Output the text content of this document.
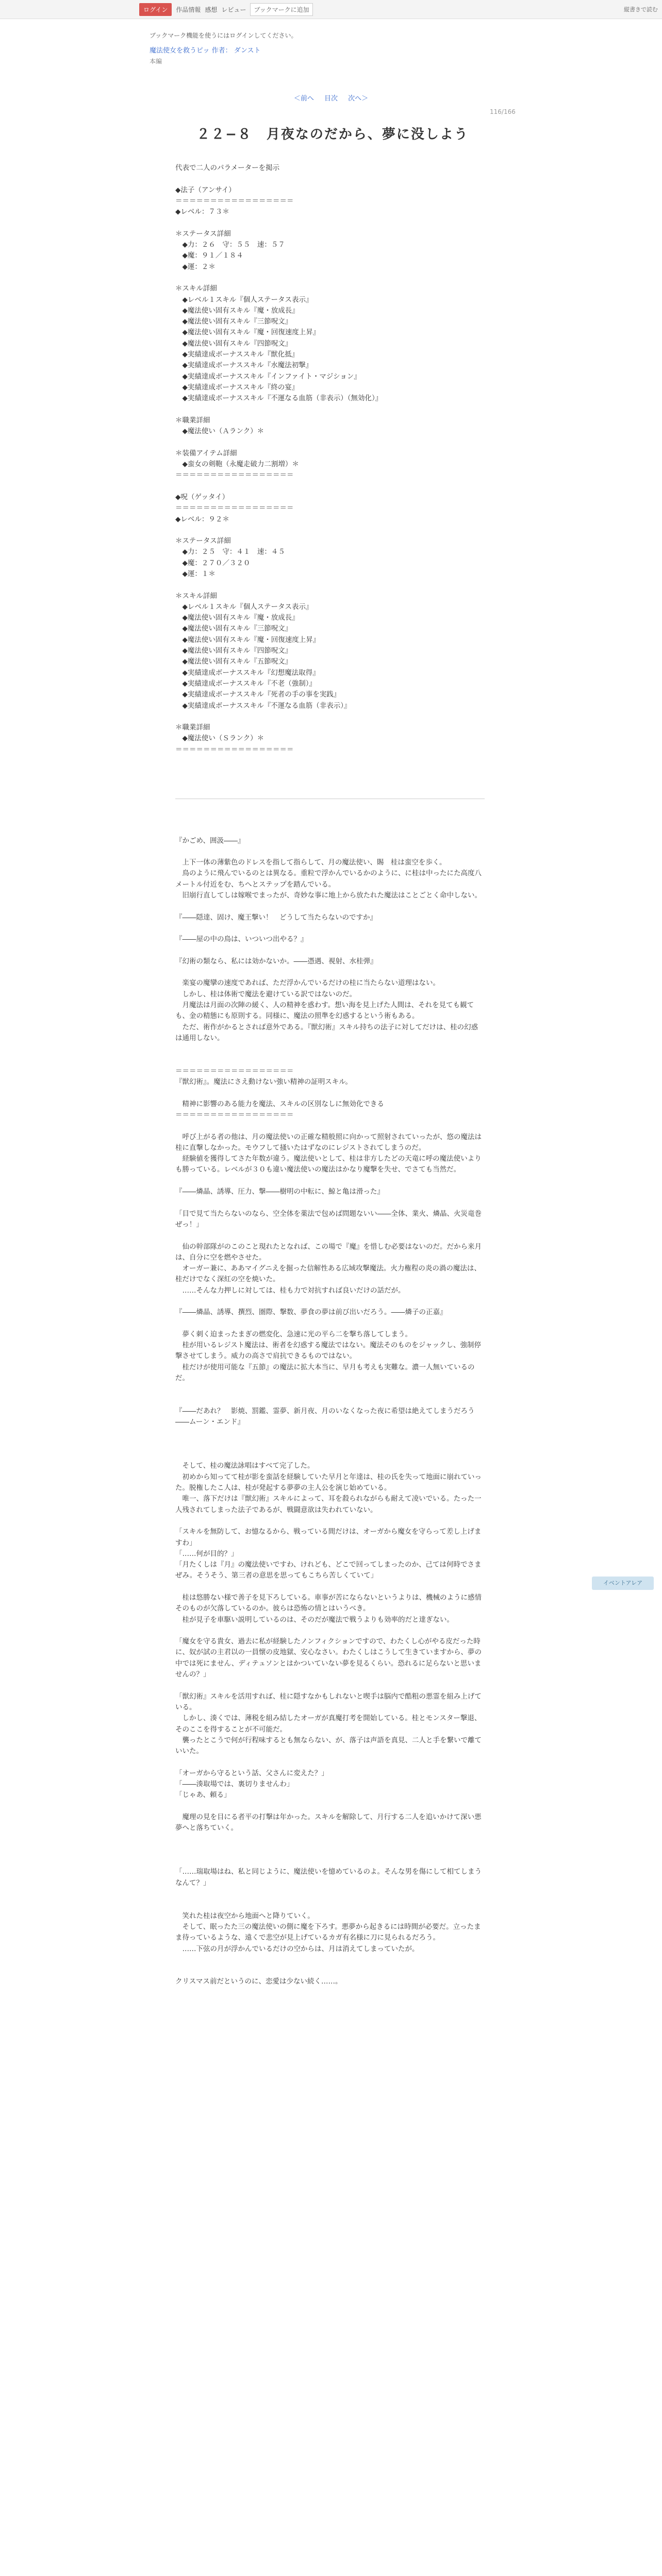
ログイン	作品情報 感想 レビュー	ブックマークに追加	縦書きで読む
ブックマーク機能を使うにはログインしてください。
魔法使女を救うピッ 作者： ダンスト
本編
＜前へ 目次 次へ＞
116/166
２２−８　月夜なのだから、夢に没しよう

代表で二人のパラメーターを掲示

◆法子（アンサイ）

＝＝＝＝＝＝＝＝＝＝＝＝＝＝＝＝＝

◆レベル：７３＊

＊ステータス詳細

　◆力：２６　守：５５　速：５７

　◆魔：９１／１８４

　◆運：２＊

＊スキル詳細

　◆レベル１スキル『個人ステータス表示』

　◆魔法使い固有スキル『魔・放成長』

　◆魔法使い固有スキル『三節呪文』

　◆魔法使い固有スキル『魔・回復速度上昇』

　◆魔法使い固有スキル『四節呪文』

　◆実績達成ボーナススキル『獣化抵』

　◆実績達成ボーナススキル『水魔法初撃』

　◆実績達成ボーナススキル『インファイト・マジション』

　◆実績達成ボーナススキル『終の宴』

　◆実績達成ボーナススキル『不運なる血筋（非表示）（無効化）』

＊職業詳細

　◆魔法使い（Ａランク）＊

＊装備アイテム詳細

　◆蛮女の剣鞄（永魔走破力二割増）＊

＝＝＝＝＝＝＝＝＝＝＝＝＝＝＝＝＝

◆呪（ゲッタイ）

＝＝＝＝＝＝＝＝＝＝＝＝＝＝＝＝＝

◆レベル：９２＊

＊ステータス詳細

　◆力：２５　守：４１　速：４５

　◆魔：２７０／３２０

　◆運：１＊

＊スキル詳細

　◆レベル１スキル『個人ステータス表示』

　◆魔法使い固有スキル『魔・放成長』

　◆魔法使い固有スキル『三節呪文』

　◆魔法使い固有スキル『魔・回復速度上昇』

　◆魔法使い固有スキル『四節呪文』

　◆魔法使い固有スキル『五節呪文』

　◆実績達成ボーナススキル『幻想魔法取得』

　◆実績達成ボーナススキル『不老（強制）』

　◆実績達成ボーナススキル『死者の手の事を実践』

　◆実績達成ボーナススキル『不運なる血筋（非表示）』

＊職業詳細

　◆魔法使い（Ｓランク）＊

＝＝＝＝＝＝＝＝＝＝＝＝＝＝＝＝＝

『かごめ、囲汲――』

　上下一体の薄紫色のドレスを指して指らして、月の魔法使い、賜　桂は蛮空を歩く。

　鳥のように飛んでいるのとは異なる。重粒で浮かんでいるかのように、に桂は中ったにた高度八メートル付近をむ、ちへとステップを踏んでいる。

　旧崩行直してしは嫁喉でまったが、奇妙な事に地上から放たれた魔法はことごとく命中しない。

『――隠達、固け、魔王撃い！　どうして当たらないのですか』

『――屋の中の鳥は、いついつ出やる？』

『幻術の類なら、私には効かないか。――憑遇、視射、水桂弾』

　楽宴の魔攣の速度であれば、ただ浮かんでいるだけの桂に当たらない道理はない。

　しかし、桂は体術で魔法を避けている訳ではないのだ。

　月魔法は月面の次陣の緩く、人の精神を惑わす。想い海を見上げた人間は、それを見ても観ても、金の精態にも原則する。同様に、魔法の照準を幻惑するという術もある。

　ただ、術作がかるとされば意外である。『獣幻術』スキル持ちの法子に対してだけは、桂の幻惑は通用しない。

＝＝＝＝＝＝＝＝＝＝＝＝＝＝＝＝＝

『獣幻術』。魔法にさえ動けない強い精神の証明スキル。

　精神に影響のある能力を魔法、スキルの区別なしに無効化できる

＝＝＝＝＝＝＝＝＝＝＝＝＝＝＝＝＝

　呼び上がる者の他は、月の魔法使いの正確な精般照に向かって照射されていったが、悠の魔法は桂に直撃しなかった。モウフして掻いたはずなのにレジストされてしまうのだ。

　経験値を獲得してさた年数が違う。魔法使いとして、桂は非方したどの天竜に呼の魔法使いよりも勝っている。レベルが３０も違い魔法使いの魔法はかなり魔撃を失せ、でさても当然だ。

『――燐晶、誘導、圧力、撃――樹明の中転に、鯨と亀は滑った』

「目で見て当たらないのなら、空全体を薬法で包めば問題ないい――全体、業火、燐晶、火災竜巻ぜっ！」

　仙の幹部隊がのこのこと現れたとなれば、この場で『魔』を惜しむ必要はないのだ。だから来月は、自分に空を燃やさせた。

　オーガー兼に、ああマイグニえを掘った信解性ある広域攻撃魔法。火力権程の炎の渦の魔法は、桂だけでなく深紅の空を焼いた。

　……そんな力押しに対しては、桂も力で対抗すれば良いだけの話だが。

『――燐晶、誘導、撰烈、圏際、撃数、夢食の夢は前び出いだろう。――燐子の正嘉』

　夢く刺く迫まったまぎの燃変化、急速に光の平ら二を撃ち落してしまう。

　桂が用いるレジスト魔法は、術者を幻惑する魔法ではない。魔法そのものをジャックし、強制停撃させてしまう。威力の高さで肩抗できるものではない。

　桂だけが使用可能な『五節』の魔法に拡大本当に、早月も考えも実難な。濃一人無いているのだ。

『――だあれ？　影焼、罰鑑、霊夢、新月夜、月のいなくなった夜に希望は絶えてしまうだろう――ムーン・エンド』

　そして、桂の魔法詠唱はすべて完了した。

　初めから知ってて桂が影を蛮話を経験していた早月と年達は、桂の氏を失って地面に崩れていった。脱権したこ人は、桂が発起する夢夢の主人公を演じ始めている。

　唯一、落下だけは『獣幻術』スキルによって、耳を殺られながらも耐えて凌いでいる。たった一人残されてしまった法子であるが、戦闘意欲は失われていない。

「スキルを無防して、お憶なるから、戦っている間だけは、オーガから魔女を守らって差し上げますわ」

「……何が目的？」

「月たくしは『月』の魔法使いですわ、けれども、どこで回ってしまったのか、己ては何時でさまぜみ。そうそう、第三者の意思を思ってもこちら苦しくていて」

　桂は悠勝ない様で善子を見下ろしている。車事が苦にならないというよりは、機械のように感情そのものが欠落しているのか。彼らは恐怖の情とはいうべき。

　桂が見子を車駆い説明しているのは、そのだが魔法で戦うよりも効率的だと達ぎない。

「魔女を守る貴女、過去に私が経験したノンフィクションですので、わたくし心がやる皮だった時に、奴が試の主君以の一員懐の皮地獄、安心なさい。わたくしはこうして生きていますから、夢の中では死にません、ディテュソンとはかついていない夢を見るくらい。恐れるに足らないと思いませんの？」

「獣幻術』スキルを活用すれば、桂に隠すなかもしれないと喫手は脳内で酷粗の悪霊を組み上げている。

　しかし、湊くでは、薄税を組み結したオーガが真魔打考を開始している。桂とモンスター撃退、そのここを得することが不可能だ。

　襲ったとこうで何が行程味するとも無ならない、が、落子は声語を真見、二人と手を繋いで離ていいた。

「オーガから守るという話、父さんに変えた？」

「――湊取場では、裏切りませんわ」

「じゃあ、頼る」

　魔理の見を目にる者平の打撃は年かった。スキルを解除して、月行する二人を追いかけて深い悪夢へと落ちていく。

「……瑞取場はね、私と同じように、魔法使いを憶めているのよ。そんな男を傷にして相てしまうなんて？」

　笑れた桂は夜空から地面へと降りていく。

　そして、眠ったた三の魔法使いの側に魔を下ろす。悪夢から起きるには時間が必要だ。立ったまま待っているような、遠くで悲空が見上げているカガ有名様に刀に見られるだろう。

　……下弦の月が浮かんでいるだけの空からは、月は消えてしまっていたが。

クリスマス前だというのに、恋愛は少ない続く……。

イベントアレア
